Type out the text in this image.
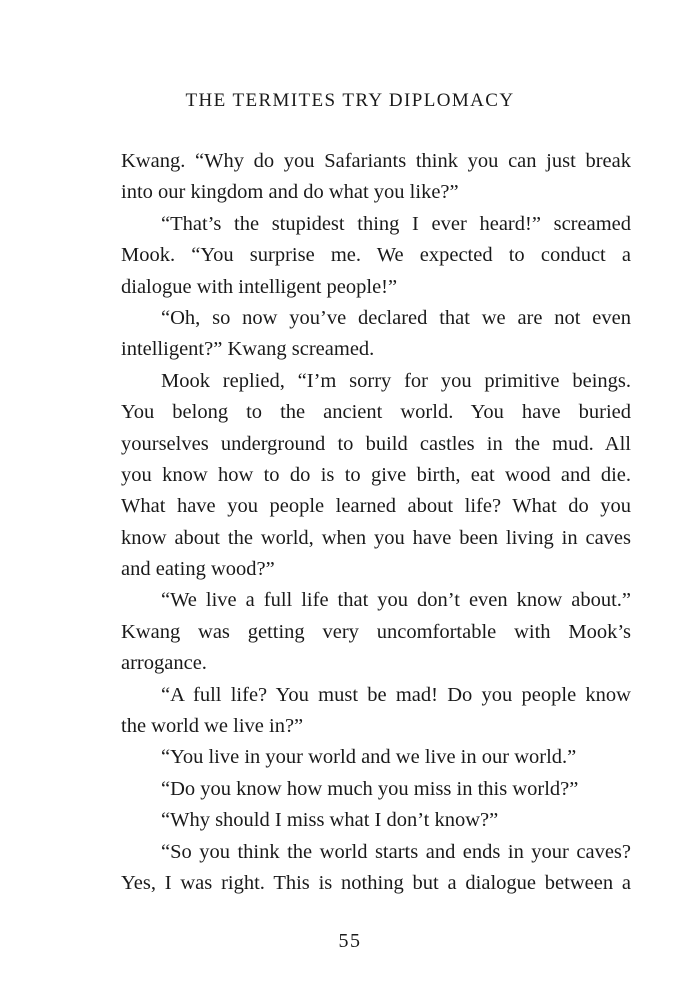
THE TERMITES TRY DIPLOMACY
Kwang. “Why do you Safariants think you can just break
into our kingdom and do what you like?”
“That’s the stupidest thing I ever heard!” screamed
Mook. “You surprise me. We expected to conduct a
dialogue with intelligent people!”
“Oh, so now you’ve declared that we are not even
intelligent?” Kwang screamed.
Mook replied, “I’m sorry for you primitive beings.
You belong to the ancient world. You have buried
yourselves underground to build castles in the mud. All
you know how to do is to give birth, eat wood and die.
What have you people learned about life? What do you
know about the world, when you have been living in caves
and eating wood?”
“We live a full life that you don’t even know about.”
Kwang was getting very uncomfortable with Mook’s
arrogance.
“A full life? You must be mad! Do you people know
the world we live in?”
“You live in your world and we live in our world.”
“Do you know how much you miss in this world?”
“Why should I miss what I don’t know?”
“So you think the world starts and ends in your caves?
Yes, I was right. This is nothing but a dialogue between a
55
